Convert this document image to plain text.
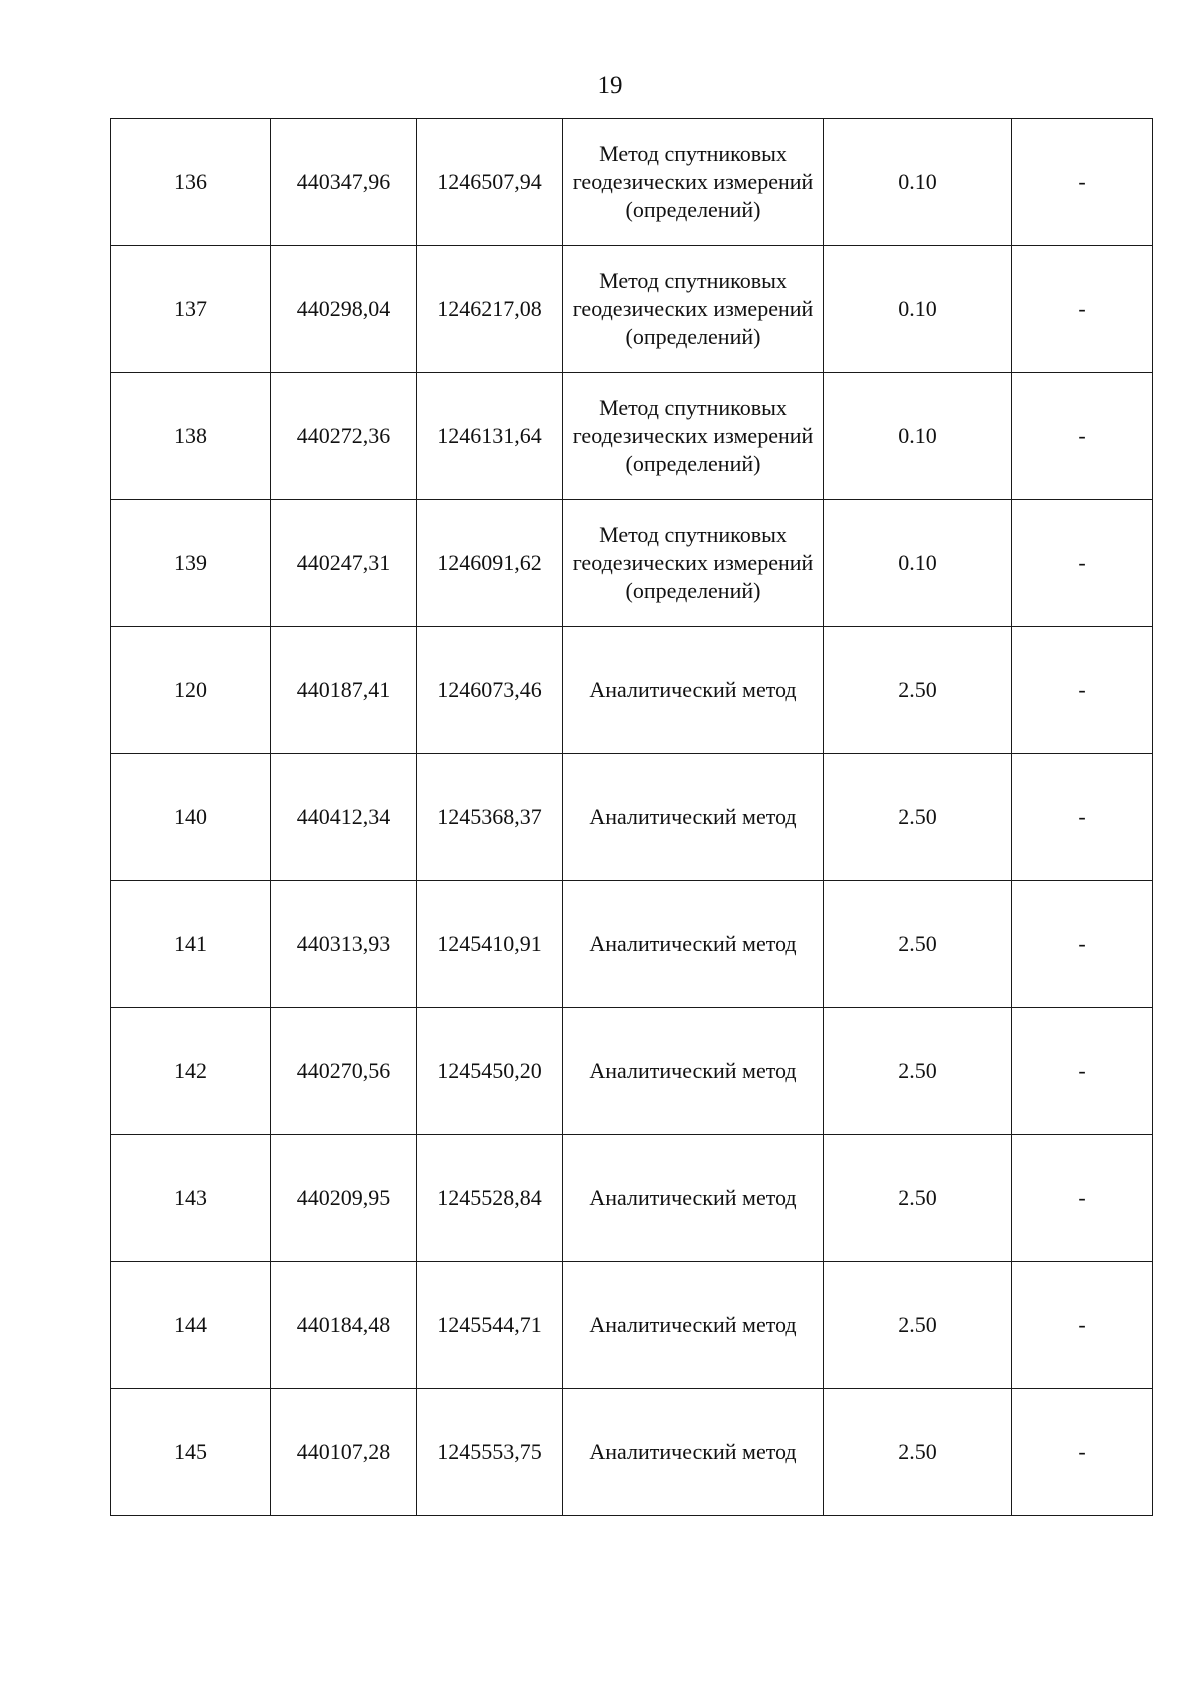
19
136	440347,96	1246507,94	Метод спутниковых геодезических измерений (определений)	0.10	-
137	440298,04	1246217,08	Метод спутниковых геодезических измерений (определений)	0.10	-
138	440272,36	1246131,64	Метод спутниковых геодезических измерений (определений)	0.10	-
139	440247,31	1246091,62	Метод спутниковых геодезических измерений (определений)	0.10	-
120	440187,41	1246073,46	Аналитический метод	2.50	-
140	440412,34	1245368,37	Аналитический метод	2.50	-
141	440313,93	1245410,91	Аналитический метод	2.50	-
142	440270,56	1245450,20	Аналитический метод	2.50	-
143	440209,95	1245528,84	Аналитический метод	2.50	-
144	440184,48	1245544,71	Аналитический метод	2.50	-
145	440107,28	1245553,75	Аналитический метод	2.50	-
